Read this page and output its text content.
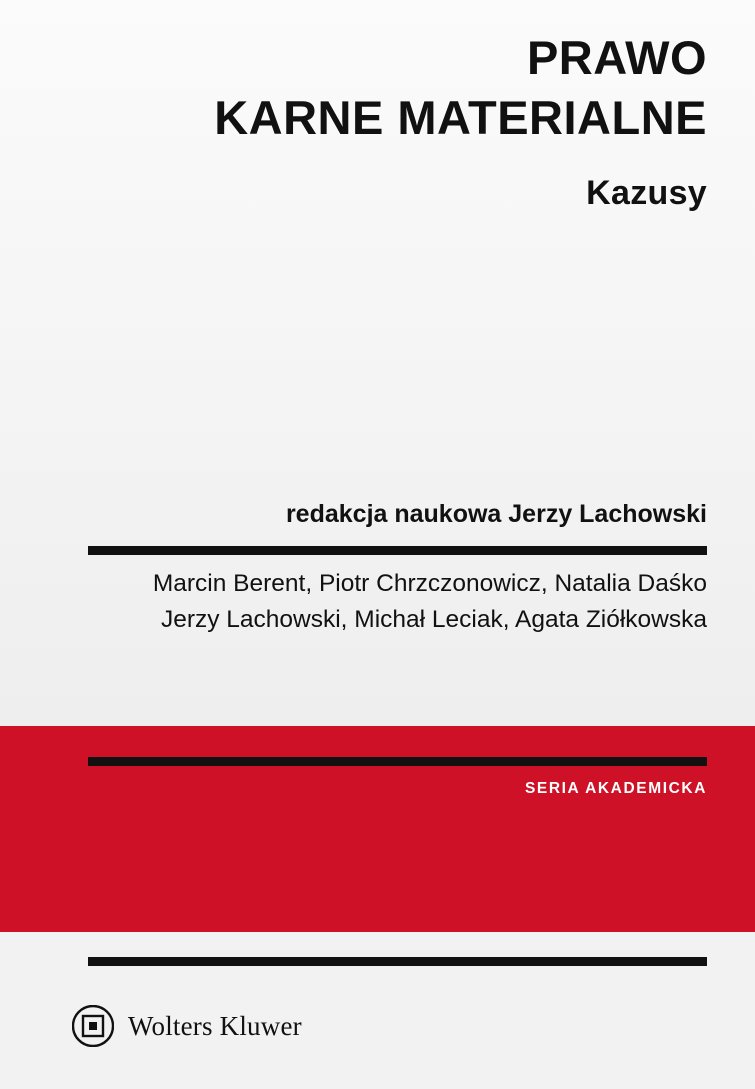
PRAWO
KARNE MATERIALNE
Kazusy
redakcja naukowa Jerzy Lachowski
Marcin Berent, Piotr Chrzczonowicz, Natalia Daśko
Jerzy Lachowski, Michał Leciak, Agata Ziółkowska
SERIA AKADEMICKA
Wolters Kluwer
